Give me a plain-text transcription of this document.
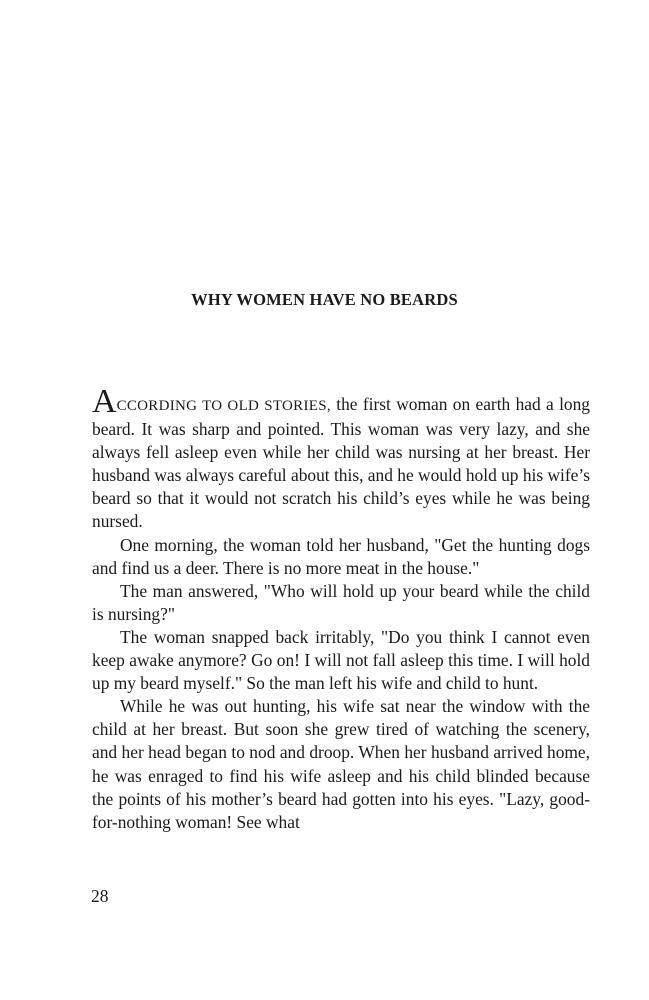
WHY WOMEN HAVE NO BEARDS

ACCORDING TO OLD STORIES, the first woman on earth had a long beard. It was sharp and pointed. This woman was very lazy, and she always fell asleep even while her child was nursing at her breast. Her husband was always careful about this, and he would hold up his wife’s beard so that it would not scratch his child’s eyes while he was being nursed.

One morning, the woman told her husband, "Get the hunting dogs and find us a deer. There is no more meat in the house."

The man answered, "Who will hold up your beard while the child is nursing?"

The woman snapped back irritably, "Do you think I cannot even keep awake anymore? Go on! I will not fall asleep this time. I will hold up my beard myself." So the man left his wife and child to hunt.

While he was out hunting, his wife sat near the window with the child at her breast. But soon she grew tired of watching the scenery, and her head began to nod and droop. When her husband arrived home, he was enraged to find his wife asleep and his child blinded because the points of his mother’s beard had gotten into his eyes. "Lazy, good-for-nothing woman! See what

28
